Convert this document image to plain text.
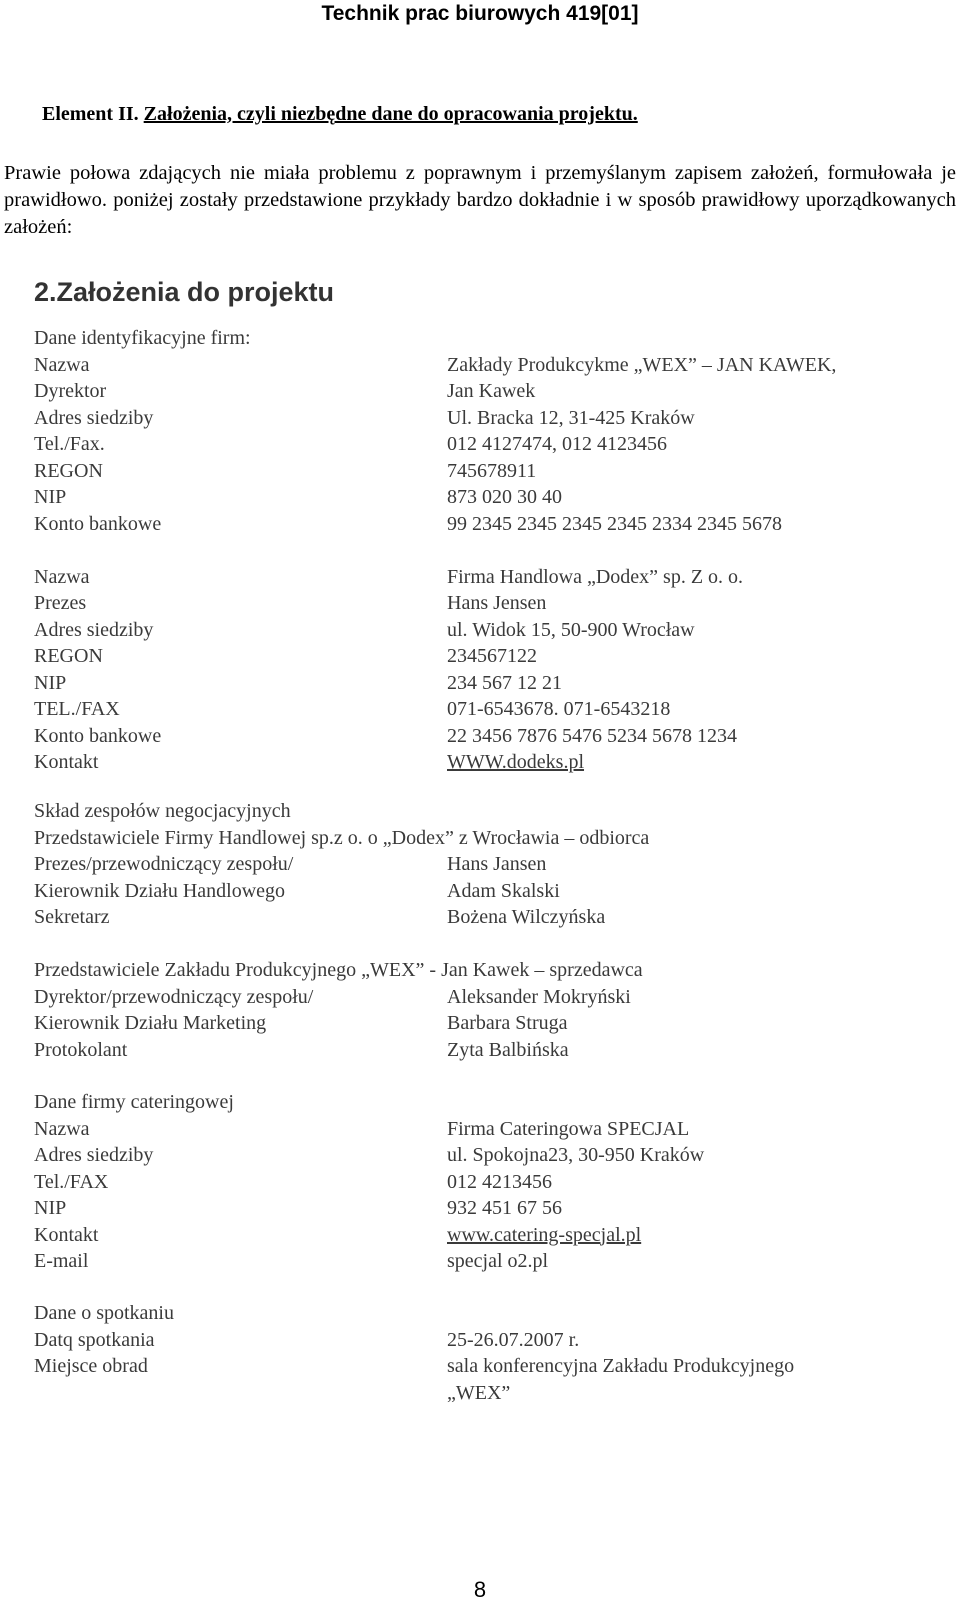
Technik prac biurowych 419[01]
Element II. Założenia, czyli niezbędne dane do opracowania projektu.

Prawie połowa zdających nie miała problemu z poprawnym i przemyślanym zapisem założeń, formułowała je prawidłowo. poniżej zostały przedstawione przykłady bardzo dokładnie i w sposób prawidłowy uporządkowanych założeń:

2.Założenia do projektu
Dane identyfikacyjne firm:
Nazwa	Zakłady Produkcykme „WEX” – JAN KAWEK,
Dyrektor	Jan Kawek
Adres siedziby	Ul. Bracka 12, 31-425 Kraków
Tel./Fax.	012 4127474, 012 4123456
REGON	745678911
NIP	873 020 30 40
Konto bankowe	99 2345 2345 2345 2345 2334 2345 5678
Nazwa	Firma Handlowa „Dodex” sp. Z o. o.
Prezes	Hans Jensen
Adres siedziby	ul. Widok 15, 50-900 Wrocław
REGON	234567122
NIP	234 567 12 21
TEL./FAX	071-6543678. 071-6543218
Konto bankowe	22 3456 7876 5476 5234 5678 1234
Kontakt	WWW.dodeks.pl
Skład zespołów negocjacyjnych
Przedstawiciele Firmy Handlowej sp.z o. o „Dodex” z Wrocławia – odbiorca
Prezes/przewodniczący zespołu/	Hans Jansen
Kierownik Działu Handlowego	Adam Skalski
Sekretarz	Bożena Wilczyńska
Przedstawiciele Zakładu Produkcyjnego „WEX” - Jan Kawek – sprzedawca
Dyrektor/przewodniczący zespołu/	Aleksander Mokryński
Kierownik Działu Marketing	Barbara Struga
Protokolant	Zyta Balbińska
Dane firmy cateringowej
Nazwa	Firma Cateringowa SPECJAL
Adres siedziby	ul. Spokojna23, 30-950 Kraków
Tel./FAX	012 4213456
NIP	932 451 67 56
Kontakt	www.catering-specjal.pl
E-mail	specjal o2.pl
Dane o spotkaniu
Datq spotkania	25-26.07.2007 r.
Miejsce obrad	sala konferencyjna Zakładu Produkcyjnego
„WEX”
8
